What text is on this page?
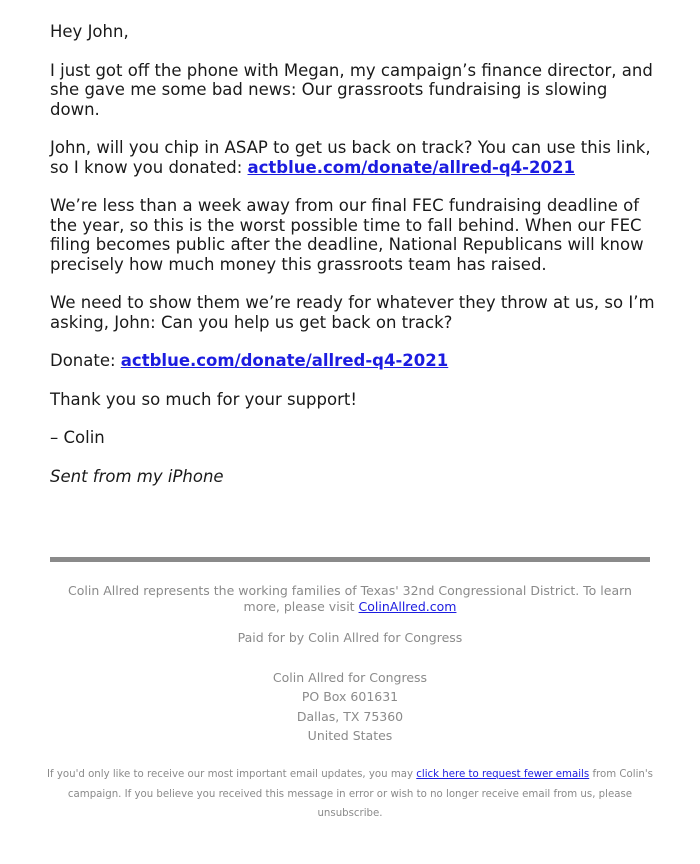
Hey John,

I just got off the phone with Megan, my campaign’s finance director, and she gave me some bad news: Our grassroots fundraising is slowing down.

John, will you chip in ASAP to get us back on track? You can use this link, so I know you donated: actblue.com/donate/allred-q4-2021

We’re less than a week away from our final FEC fundraising deadline of the year, so this is the worst possible time to fall behind. When our FEC filing becomes public after the deadline, National Republicans will know precisely how much money this grassroots team has raised.

We need to show them we’re ready for whatever they throw at us, so I’m asking, John: Can you help us get back on track?

Donate: actblue.com/donate/allred-q4-2021

Thank you so much for your support!

– Colin

Sent from my iPhone

Colin Allred represents the working families of Texas' 32nd Congressional District. To learn more, please visit ColinAllred.com
Paid for by Colin Allred for Congress
Colin Allred for Congress
PO Box 601631
Dallas, TX 75360
United States
If you'd only like to receive our most important email updates, you may click here to request fewer emails from Colin's campaign. If you believe you received this message in error or wish to no longer receive email from us, please unsubscribe.
